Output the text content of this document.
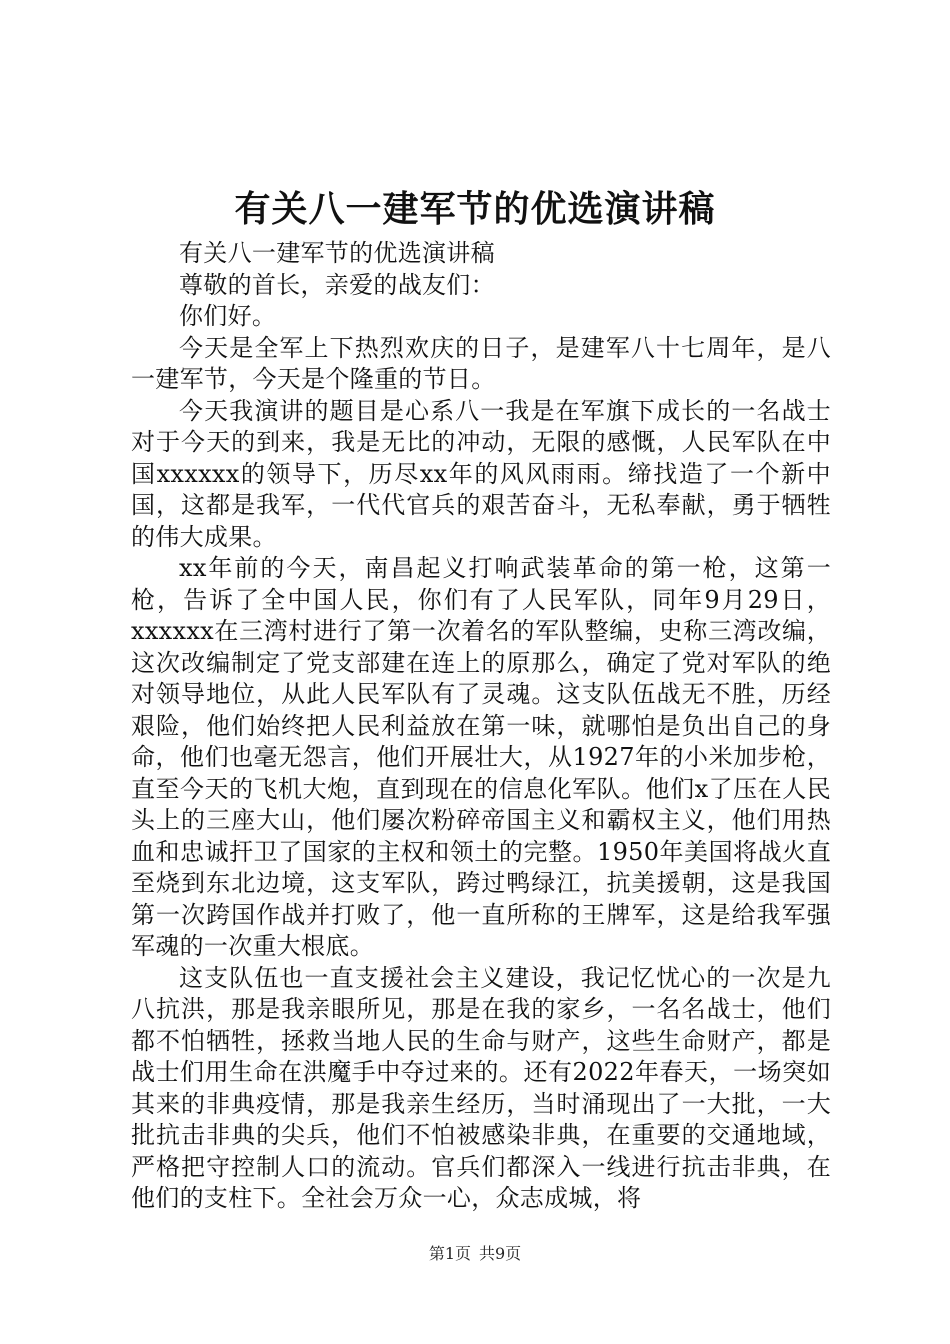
有关八一建军节的优选演讲稿

有关八一建军节的优选演讲稿

尊敬的首长，亲爱的战友们：

你们好。

今天是全军上下热烈欢庆的日子，是建军八十七周年，是八一建军节，今天是个隆重的节日。

今天我演讲的题目是心系八一我是在军旗下成长的一名战士对于今天的到来，我是无比的冲动，无限的感慨，人民军队在中国xxxxxx的领导下，历尽xx年的风风雨雨。缔找造了一个新中国，这都是我军，一代代官兵的艰苦奋斗，无私奉献，勇于牺牲的伟大成果。

xx年前的今天，南昌起义打响武装革命的第一枪，这第一枪，告诉了全中国人民，你们有了人民军队，同年9月29日，xxxxxx在三湾村进行了第一次着名的军队整编，史称三湾改编，这次改编制定了党支部建在连上的原那么，确定了党对军队的绝对领导地位，从此人民军队有了灵魂。这支队伍战无不胜，历经艰险，他们始终把人民利益放在第一味，就哪怕是负出自己的身命，他们也毫无怨言，他们开展壮大，从1927年的小米加步枪，直至今天的飞机大炮，直到现在的信息化军队。他们x了压在人民头上的三座大山，他们屡次粉碎帝国主义和霸权主义，他们用热血和忠诚扞卫了国家的主权和领土的完整。1950年美国将战火直至烧到东北边境，这支军队，跨过鸭绿江，抗美援朝，这是我国第一次跨国作战并打败了，他一直所称的王牌军，这是给我军强军魂的一次重大根底。

这支队伍也一直支援社会主义建设，我记忆忧心的一次是九八抗洪，那是我亲眼所见，那是在我的家乡，一名名战士，他们都不怕牺牲，拯救当地人民的生命与财产，这些生命财产，都是战士们用生命在洪魔手中夺过来的。还有2022年春天，一场突如其来的非典疫情，那是我亲生经历，当时涌现出了一大批，一大批抗击非典的尖兵，他们不怕被感染非典，在重要的交通地域，严格把守控制人口的流动。官兵们都深入一线进行抗击非典，在他们的支柱下。全社会万众一心，众志成城，将

第1页 共9页
